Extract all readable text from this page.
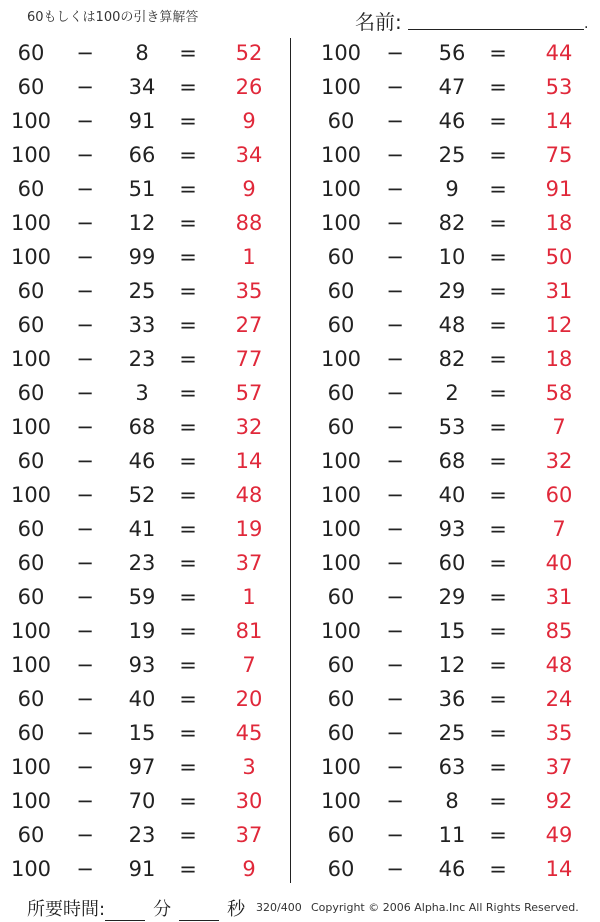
60もしくは100の引き算解答	名前:	.
60	−	8	=	52
60	−	34	=	26
100 −	91	=	9
100 −	66	=	34
60	−	51	=	9
100 −	12	=	88
100 −	99	=	1
60	−	25	=	35
60	−	33	=	27
100 −	23	=	77
60	−	3	=	57
100 −	68	=	32
60	−	46	=	14
100 −	52	=	48
60	−	41	=	19
60	−	23	=	37
60	−	59	=	1
100 −	19	=	81
100 −	93	=	7
60	−	40	=	20
60	−	15	=	45
100 −	97	=	3
100 −	70	=	30
60	−	23	=	37
100 −	91	=	9
100 −	56	=	44
100 −	47	=	53
60	−	46	=	14
100 −	25	=	75
100 −	9	=	91
100 −	82	=	18
60	−	10	=	50
60	−	29	=	31
60	−	48	=	12
100 −	82	=	18
60	−	2	=	58
60	−	53	=	7
100 −	68	=	32
100 −	40	=	60
100 −	93	=	7
100 −	60	=	40
60	−	29	=	31
100 −	15	=	85
60	−	12	=	48
60	−	36	=	24
60	−	25	=	35
100 −	63	=	37
100 −	8	=	92
60	−	11	=	49
60	−	46	=	14
所要時間:	分	秒 320/400 Copyright © 2006 Alpha.Inc All Rights Reserved.
